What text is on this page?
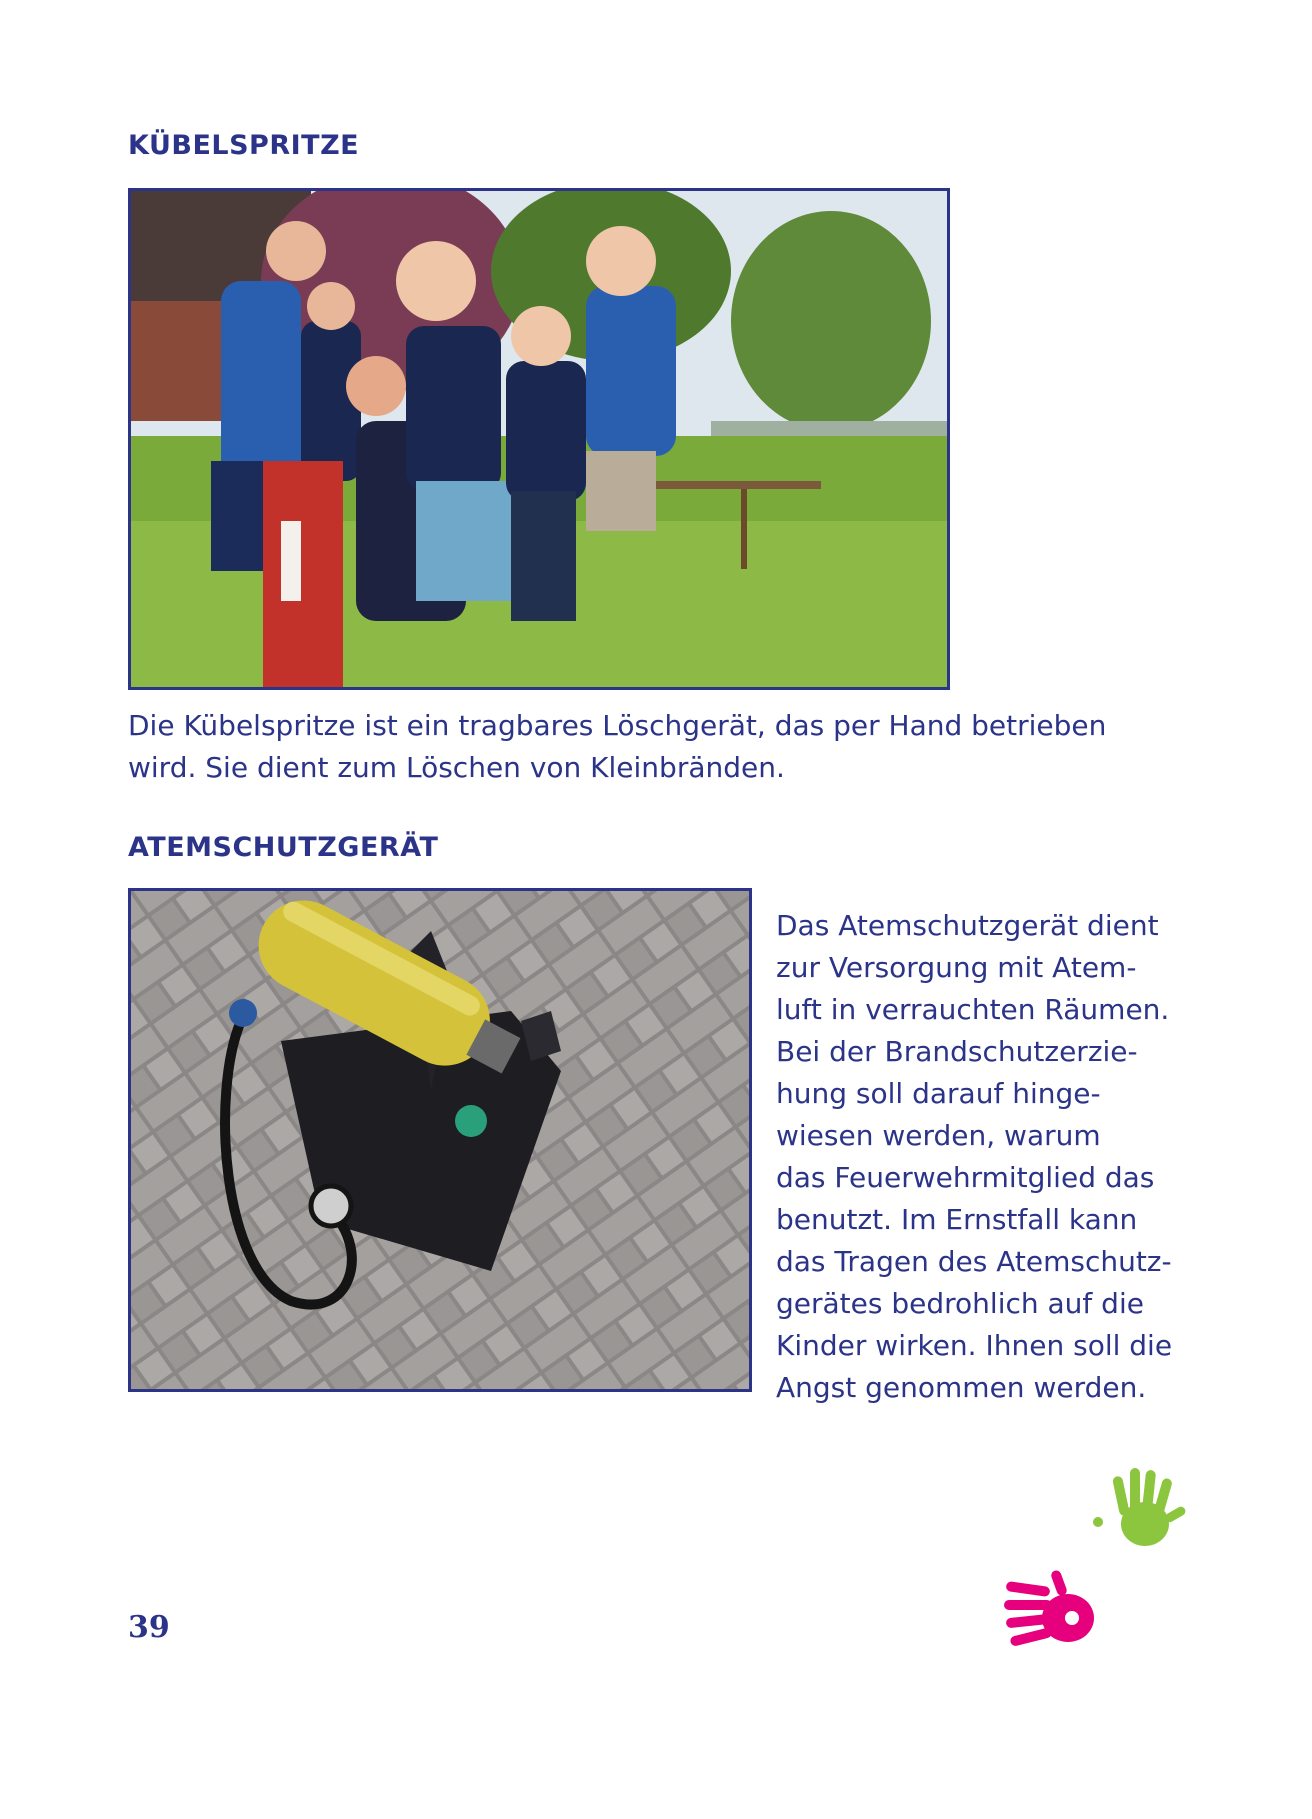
KÜBELSPRITZE

Die Kübelspritze ist ein tragbares Löschgerät, das per Hand betrieben
wird. Sie dient zum Löschen von Kleinbränden.

ATEMSCHUTZGERÄT

Das Atemschutzgerät dient
zur Versorgung mit Atem-
luft in verrauchten Räumen.
Bei der Brandschutzerzie-
hung soll darauf hinge-
wiesen werden, warum
das Feuerwehrmitglied das
benutzt. Im Ernstfall kann
das Tragen des Atemschutz-
gerätes bedrohlich auf die
Kinder wirken. Ihnen soll die
Angst genommen werden.

39
